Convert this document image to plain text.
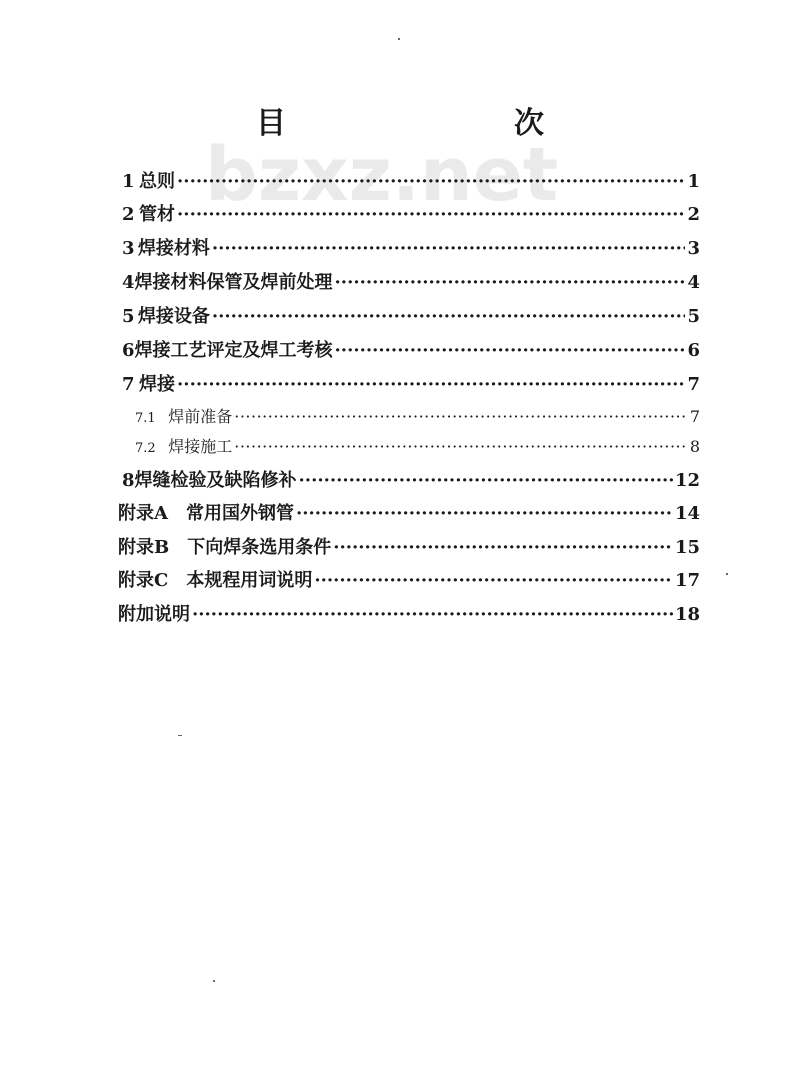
bzxz.net
目　　次
1 总则 ·····	1
2 管材 ·····	2
3 焊接材料 ·····	3
4 焊接材料保管及焊前处理 ·····	4
5 焊接设备 ·····	5
6 焊接工艺评定及焊工考核 ·····	6
7 焊接 ·····	7
7.1 焊前准备 ·····	7
7.2 焊接施工 ·····	8
8 焊缝检验及缺陷修补 ·····	12
附录A　常用国外钢管 ·····	14
附录B　下向焊条选用条件 ·····	15
附录C　本规程用词说明 ·····	17
附加说明 ·····	18
